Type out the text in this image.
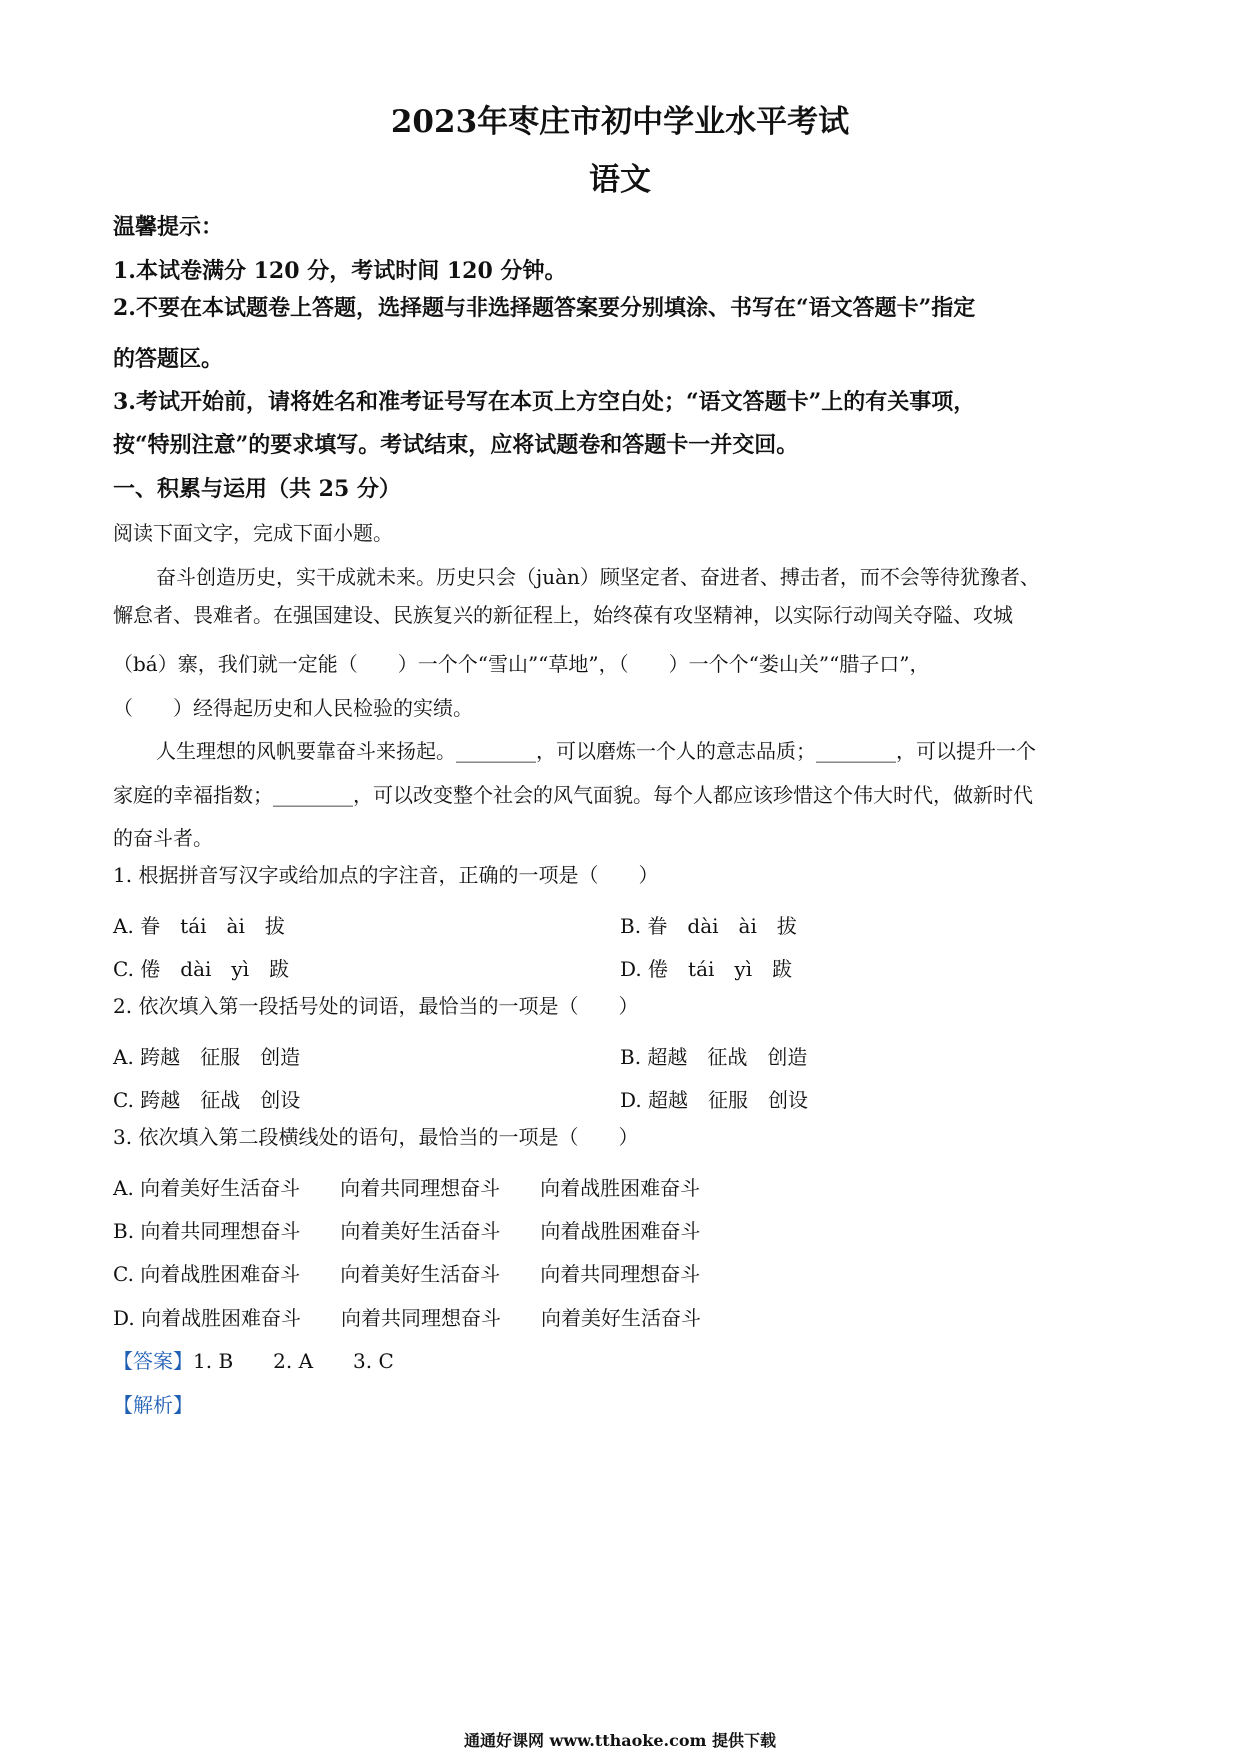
2023年枣庄市初中学业水平考试
语文
温馨提示：
1.本试卷满分 120 分，考试时间 120 分钟。
2.不要在本试题卷上答题，选择题与非选择题答案要分别填涂、书写在“语文答题卡”指定
的答题区。
3.考试开始前，请将姓名和准考证号写在本页上方空白处；“语文答题卡”上的有关事项，
按“特别注意”的要求填写。考试结束，应将试题卷和答题卡一并交回。
一、积累与运用（共 25 分）
阅读下面文字，完成下面小题。
奋斗创造历史，实干成就未来。历史只会（juàn）顾坚定者、奋进者、搏击者，而不会等待犹豫者、
懈怠者、畏难者。在强国建设、民族复兴的新征程上，始终葆有攻坚精神，以实际行动闯关夺隘、攻城
（bá）寨，我们就一定能（　　）一个个“雪山”“草地”，（　　）一个个“娄山关”“腊子口”，
（　　）经得起历史和人民检验的实绩。
人生理想的风帆要靠奋斗来扬起。________，可以磨炼一个人的意志品质；________，可以提升一个
家庭的幸福指数；________，可以改变整个社会的风气面貌。每个人都应该珍惜这个伟大时代，做新时代
的奋斗者。
1. 根据拼音写汉字或给加点的字注音，正确的一项是（　　）
A. 眷　tái　ài　拔	B. 眷　dài　ài　拔
C. 倦　dài　yì　跋	D. 倦　tái　yì　跋
2. 依次填入第一段括号处的词语，最恰当的一项是（　　）
A. 跨越　征服　创造	B. 超越　征战　创造
C. 跨越　征战　创设	D. 超越　征服　创设
3. 依次填入第二段横线处的语句，最恰当的一项是（　　）
A. 向着美好生活奋斗　　向着共同理想奋斗　　向着战胜困难奋斗
B. 向着共同理想奋斗　　向着美好生活奋斗　　向着战胜困难奋斗
C. 向着战胜困难奋斗　　向着美好生活奋斗　　向着共同理想奋斗
D. 向着战胜困难奋斗　　向着共同理想奋斗　　向着美好生活奋斗
【答案】1. B　　2. A　　3. C
【解析】
通通好课网 www.tthaoke.com 提供下载
